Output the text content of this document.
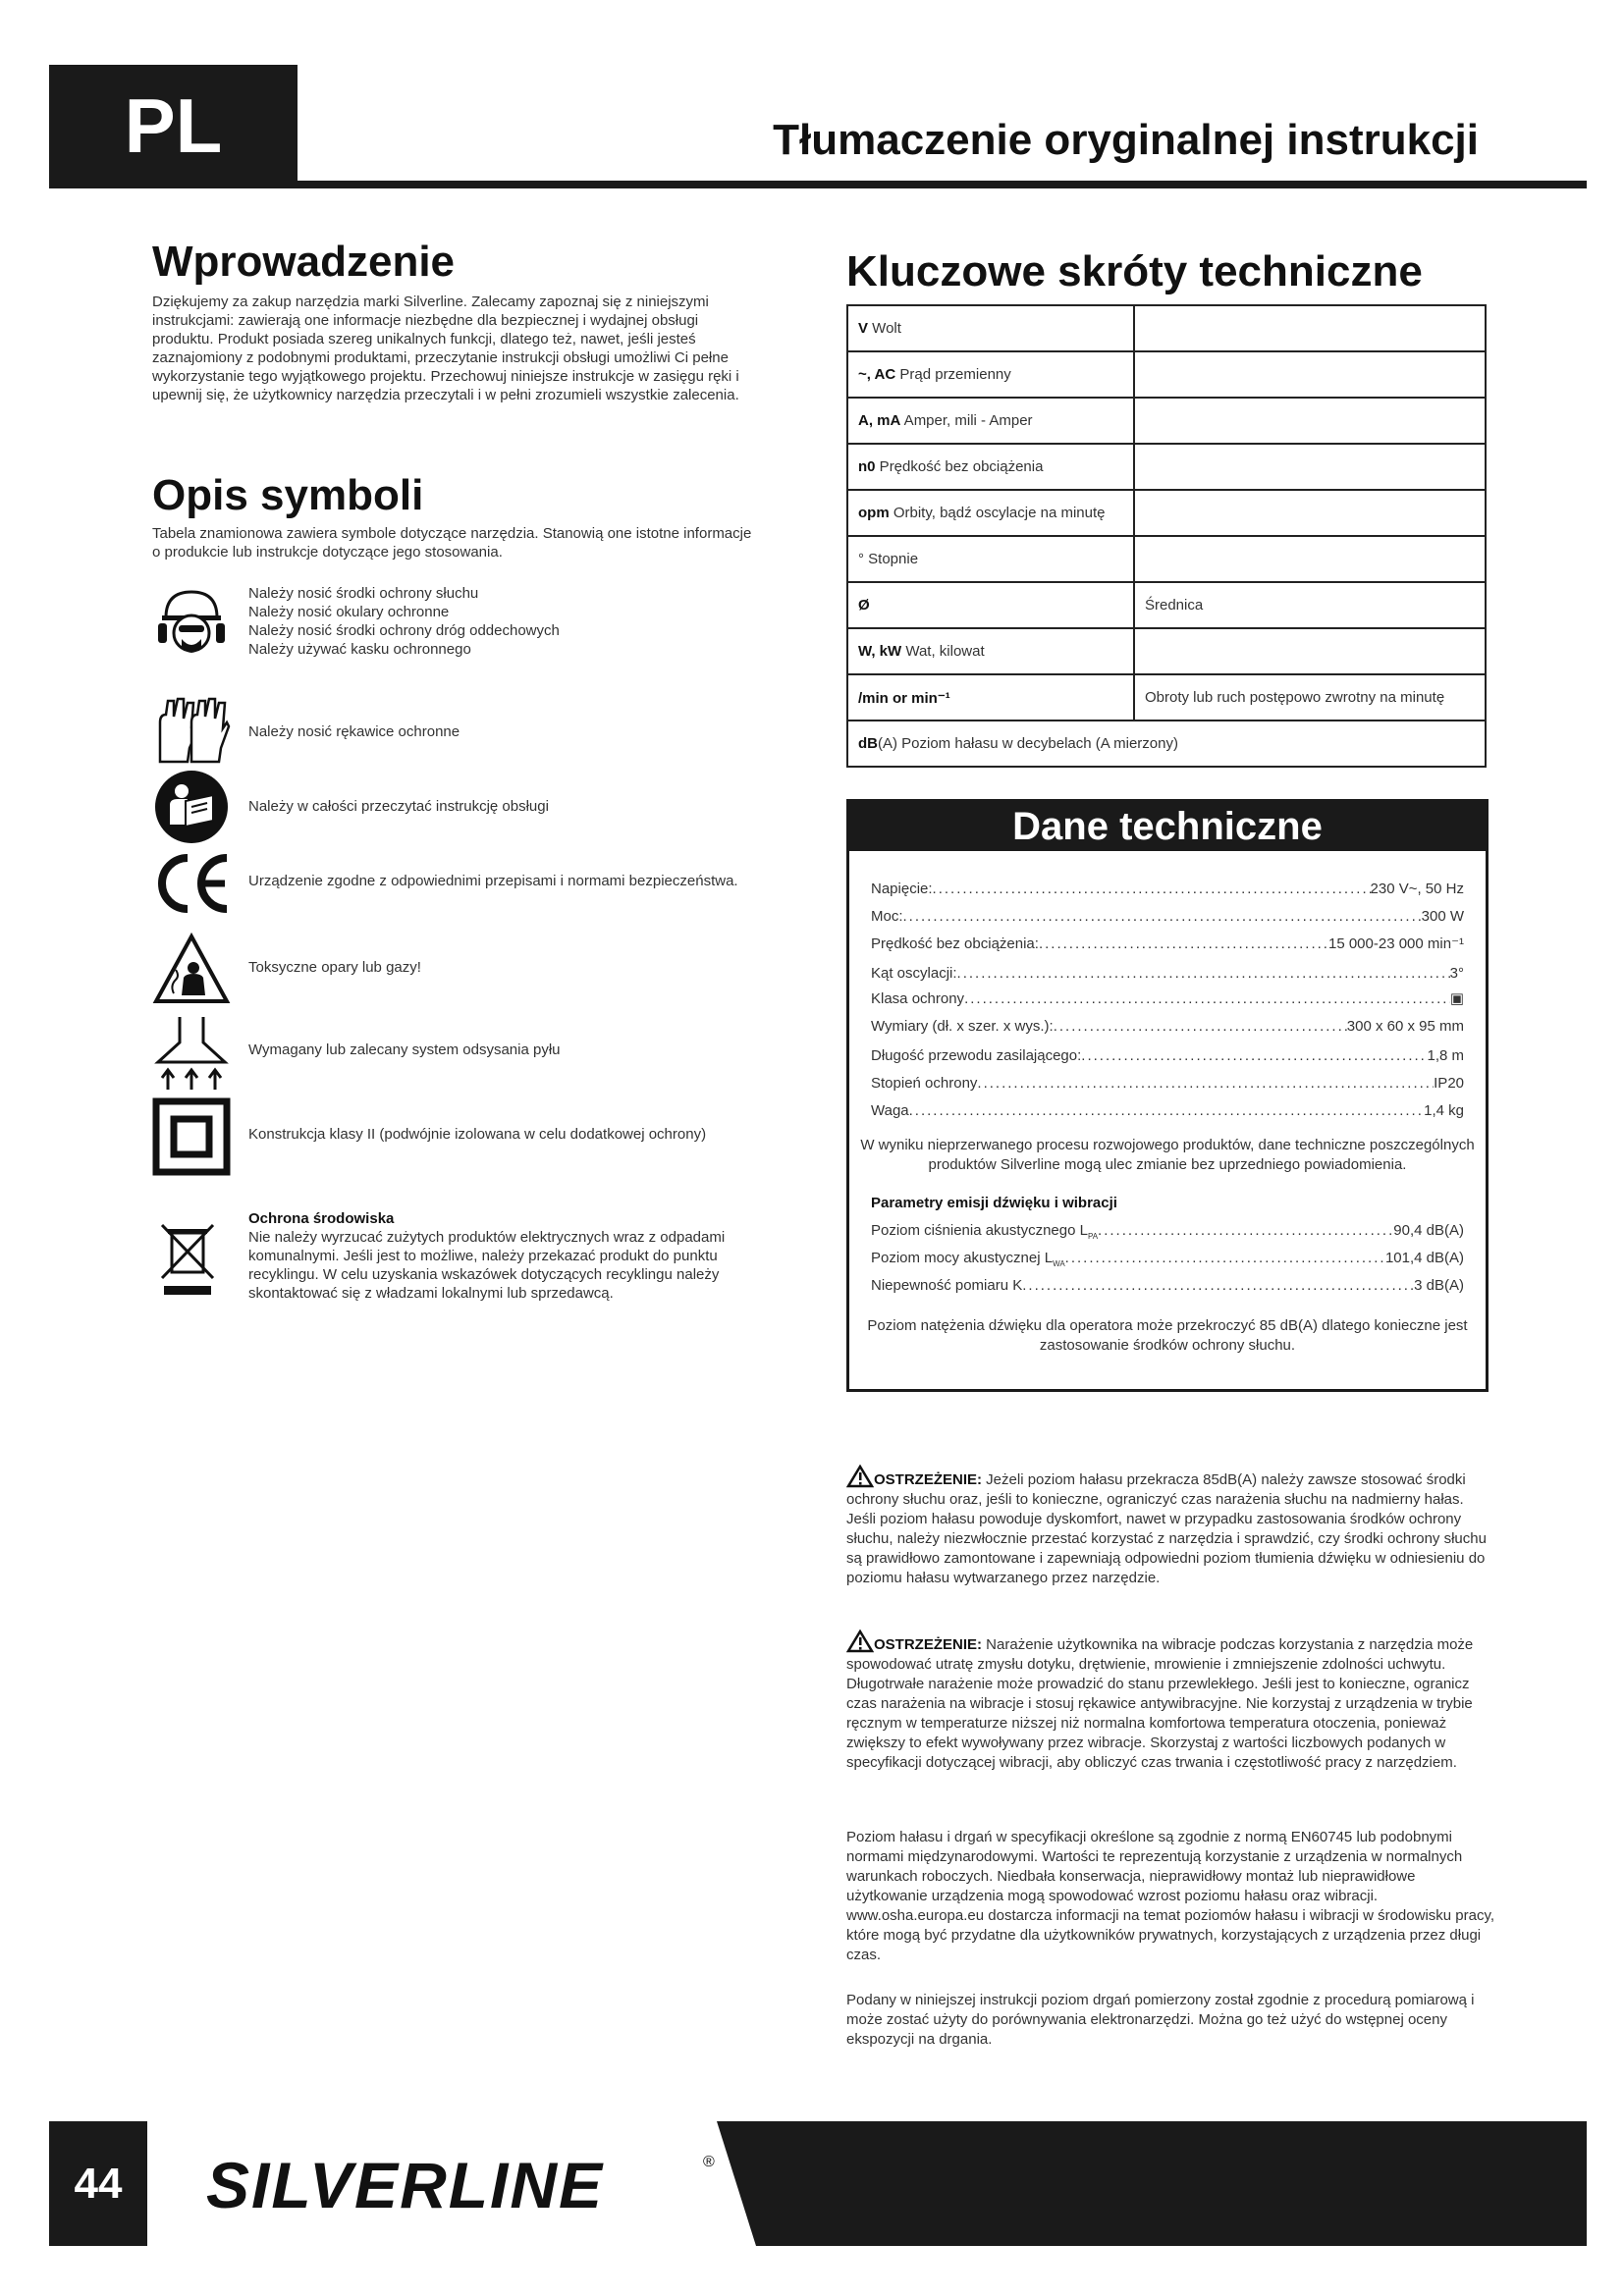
PL	Tłumaczenie oryginalnej instrukcji
Wprowadzenie
Dziękujemy za zakup narzędzia marki Silverline. Zalecamy zapoznaj się z niniejszymi instrukcjami: zawierają one informacje niezbędne dla bezpiecznej i wydajnej obsługi produktu. Produkt posiada szereg unikalnych funkcji, dlatego też, nawet, jeśli jesteś zaznajomiony z podobnymi produktami, przeczytanie instrukcji obsługi umożliwi Ci pełne wykorzystanie tego wyjątkowego projektu. Przechowuj niniejsze instrukcje w zasięgu ręki i upewnij się, że użytkownicy narzędzia przeczytali i w pełni zrozumieli wszystkie zalecenia.
Opis symboli
Tabela znamionowa zawiera symbole dotyczące narzędzia. Stanowią one istotne informacje o produkcie lub instrukcje dotyczące jego stosowania.
Należy nosić środki ochrony słuchu
Należy nosić okulary ochronne
Należy nosić środki ochrony dróg oddechowych
Należy używać kasku ochronnego
Należy nosić rękawice ochronne
Należy w całości przeczytać instrukcję obsługi
Urządzenie zgodne z odpowiednimi przepisami i normami bezpieczeństwa.
Toksyczne opary lub gazy!
Wymagany lub zalecany system odsysania pyłu
Konstrukcja klasy II (podwójnie izolowana w celu dodatkowej ochrony)
Ochrona środowiska
Nie należy wyrzucać zużytych produktów elektrycznych wraz z odpadami komunalnymi. Jeśli jest to możliwe, należy przekazać produkt do punktu recyklingu. W celu uzyskania wskazówek dotyczących recyklingu należy skontaktować się z władzami lokalnymi lub sprzedawcą.
Kluczowe skróty techniczne
V Wolt	
~, AC Prąd przemienny	
A, mA Amper, mili - Amper	
n0 Prędkość bez obciążenia	
opm Orbity, bądź oscylacje na minutę	
° Stopnie	
Ø	Średnica
W, kW Wat, kilowat	
/min or min⁻¹	Obroty lub ruch postępowo zwrotny na minutę
dB(A) Poziom hałasu w decybelach (A mierzony)	
Dane techniczne
Napięcie: .....	230 V~, 50 Hz
Moc: .....	300 W
Prędkość bez obciążenia: .....	15 000-23 000 min⁻¹
Kąt oscylacji: .....	3°
Klasa ochrony .....	▣
Wymiary (dł. x szer. x wys.): .....	300 x 60 x 95 mm
Długość przewodu zasilającego: .....	1,8 m
Stopień ochrony .....	IP20
Waga .....	1,4 kg
W wyniku nieprzerwanego procesu rozwojowego produktów, dane techniczne poszczególnych produktów Silverline mogą ulec zmianie bez uprzedniego powiadomienia.
Parametry emisji dźwięku i wibracji
Poziom ciśnienia akustycznego $L_{PA}$ .....	90,4 dB(A)
Poziom mocy akustycznej $L_{WA}$ .....	101,4 dB(A)
Niepewność pomiaru K .....	3 dB(A)
Poziom natężenia dźwięku dla operatora może przekroczyć 85 dB(A) dlatego konieczne jest zastosowanie środków ochrony słuchu.
OSTRZEŻENIE: Jeżeli poziom hałasu przekracza 85dB(A) należy zawsze stosować środki ochrony słuchu oraz, jeśli to konieczne, ograniczyć czas narażenia słuchu na nadmierny hałas. Jeśli poziom hałasu powoduje dyskomfort, nawet w przypadku zastosowania środków ochrony słuchu, należy niezwłocznie przestać korzystać z narzędzia i sprawdzić, czy środki ochrony słuchu są prawidłowo zamontowane i zapewniają odpowiedni poziom tłumienia dźwięku w odniesieniu do poziomu hałasu wytwarzanego przez narzędzie.
OSTRZEŻENIE: Narażenie użytkownika na wibracje podczas korzystania z narzędzia może spowodować utratę zmysłu dotyku, drętwienie, mrowienie i zmniejszenie zdolności uchwytu. Długotrwałe narażenie może prowadzić do stanu przewlekłego. Jeśli jest to konieczne, ogranicz czas narażenia na wibracje i stosuj rękawice antywibracyjne. Nie korzystaj z urządzenia w trybie ręcznym w temperaturze niższej niż normalna komfortowa temperatura otoczenia, ponieważ zwiększy to efekt wywoływany przez wibracje. Skorzystaj z wartości liczbowych podanych w specyfikacji dotyczącej wibracji, aby obliczyć czas trwania i częstotliwość pracy z narzędziem.
Poziom hałasu i drgań w specyfikacji określone są zgodnie z normą EN60745 lub podobnymi normami międzynarodowymi. Wartości te reprezentują korzystanie z urządzenia w normalnych warunkach roboczych. Niedbała konserwacja, nieprawidłowy montaż lub nieprawidłowe użytkowanie urządzenia mogą spowodować wzrost poziomu hałasu oraz wibracji. www.osha.europa.eu dostarcza informacji na temat poziomów hałasu i wibracji w środowisku pracy, które mogą być przydatne dla użytkowników prywatnych, korzystających z urządzenia przez długi czas.
Podany w niniejszej instrukcji poziom drgań pomierzony został zgodnie z procedurą pomiarową i może zostać użyty do porównywania elektronarzędzi. Można go też użyć do wstępnej oceny ekspozycji na drgania.
44	SILVERLINE	®
